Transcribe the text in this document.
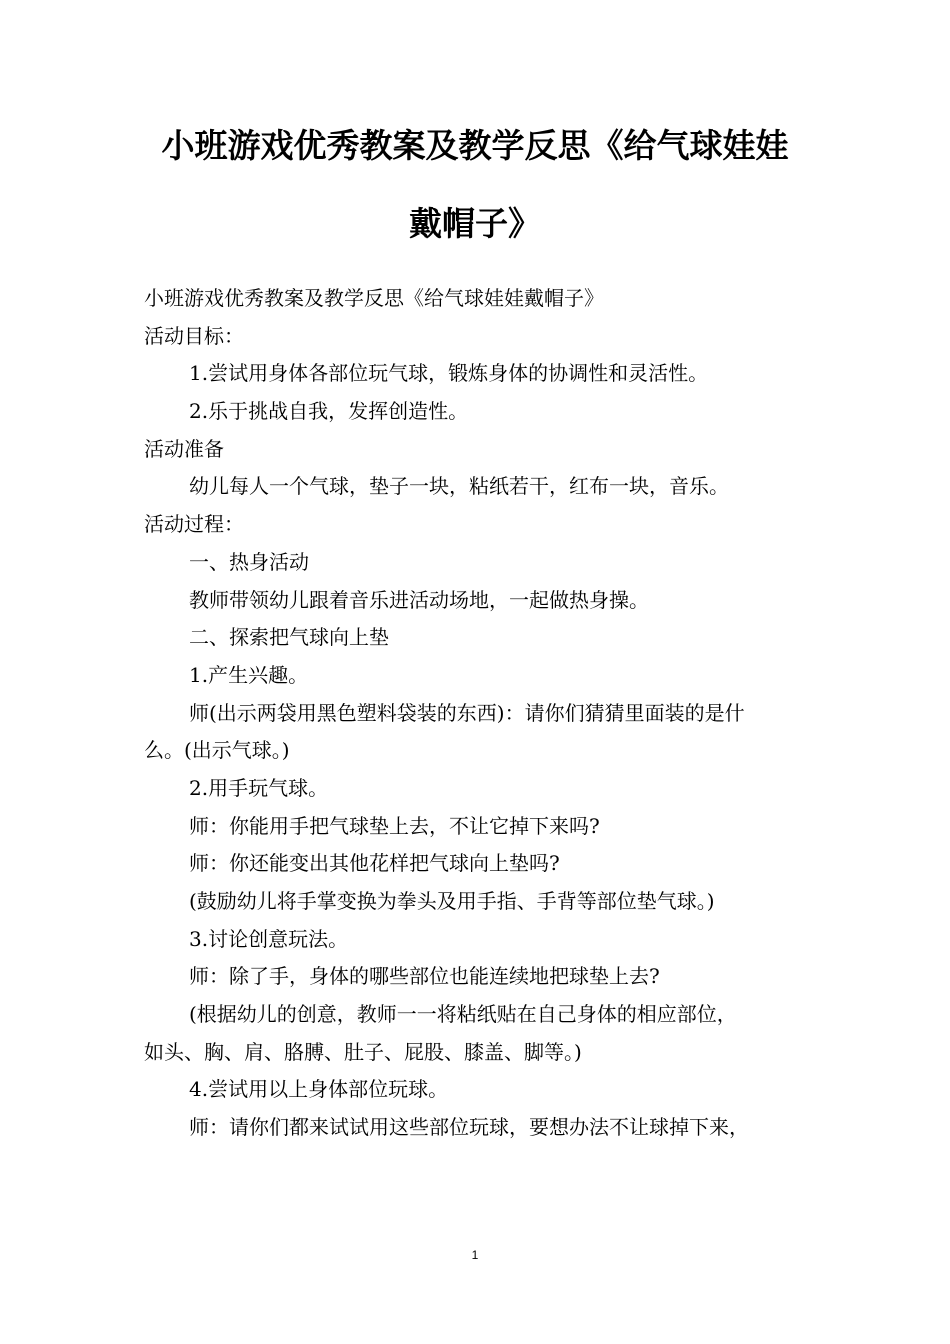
小班游戏优秀教案及教学反思《给气球娃娃
戴帽子》
小班游戏优秀教案及教学反思《给气球娃娃戴帽子》
活动目标：
1.尝试用身体各部位玩气球，锻炼身体的协调性和灵活性。
2.乐于挑战自我，发挥创造性。
活动准备
幼儿每人一个气球，垫子一块，粘纸若干，红布一块，音乐。
活动过程：
一、热身活动
教师带领幼儿跟着音乐进活动场地，一起做热身操。
二、探索把气球向上垫
1.产生兴趣。
师(出示两袋用黑色塑料袋装的东西)：请你们猜猜里面装的是什
么。(出示气球。)
2.用手玩气球。
师：你能用手把气球垫上去，不让它掉下来吗?
师：你还能变出其他花样把气球向上垫吗?
(鼓励幼儿将手掌变换为拳头及用手指、手背等部位垫气球。)
3.讨论创意玩法。
师：除了手，身体的哪些部位也能连续地把球垫上去?
(根据幼儿的创意，教师一一将粘纸贴在自己身体的相应部位，
如头、胸、肩、胳膊、肚子、屁股、膝盖、脚等。)
4.尝试用以上身体部位玩球。
师：请你们都来试试用这些部位玩球，要想办法不让球掉下来，
1
